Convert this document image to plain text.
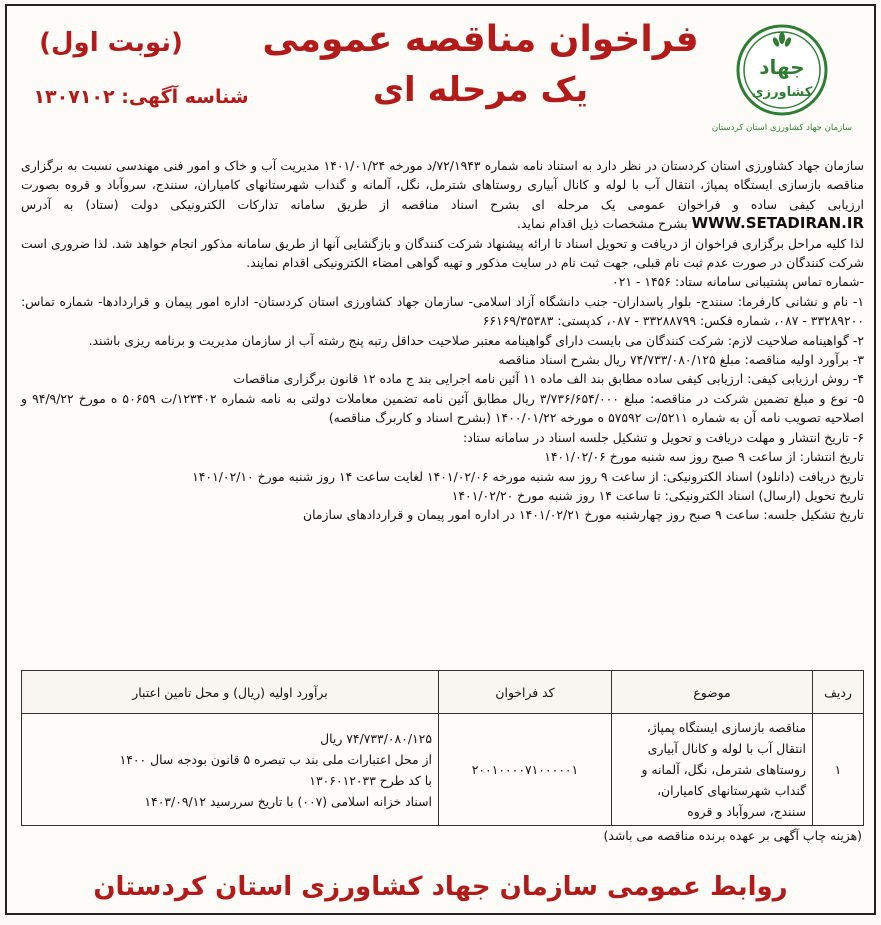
جهاد
کشاورزی
سازمان جهاد کشاورزی استان کردستان
فراخوان مناقصه عمومی
یک مرحله ای
(نوبت اول)
شناسه آگهی: ۱۳۰۷۱۰۲

سازمان جهاد کشاورزی استان کردستان در نظر دارد به استناد نامه شماره ۷۲/۱۹۴۳/د مورخه ۱۴۰۱/۰۱/۲۴ مدیریت آب و خاک و امور فنی مهندسی نسبت به برگزاری مناقصه بازسازی ایستگاه پمپاژ، انتقال آب با لوله و کانال آبیاری روستاهای شترمل، نگل، آلمانه و گنداب شهرستانهای کامیاران، سنندج، سروآباد و قروه بصورت ارزیابی کیفی ساده و فراخوان عمومی یک مرحله ای بشرح اسناد مناقصه از طریق سامانه تدارکات الکترونیکی دولت (ستاد) به آدرس WWW.SETADIRAN.IR بشرح مشخصات ذیل اقدام نماید.

لذا کلیه مراحل برگزاری فراخوان از دریافت و تحویل اسناد تا ارائه پیشنهاد شرکت کنندگان و بازگشایی آنها از طریق سامانه مذکور انجام خواهد شد. لذا ضروری است شرکت کنندگان در صورت عدم ثبت نام قبلی، جهت ثبت نام در سایت مذکور و تهیه گواهی امضاء الکترونیکی اقدام نمایند.

-شماره تماس پشتیبانی سامانه ستاد: ۱۴۵۶ - ۰۲۱

۱- نام و نشانی کارفرما: سنندج- بلوار پاسداران- جنب دانشگاه آزاد اسلامی- سازمان جهاد کشاورزی استان کردستان- اداره امور پیمان و قراردادها- شماره تماس: ۳۳۲۸۹۲۰۰ - ۰۸۷، شماره فکس: ۳۳۲۸۸۷۹۹ - ۰۸۷، کدپستی: ۶۶۱۶۹/۳۵۳۸۳

۲- گواهینامه صلاحیت لازم: شرکت کنندگان می بایست دارای گواهینامه معتبر صلاحیت حداقل رتبه پنج رشته آب از سازمان مدیریت و برنامه ریزی باشند.

۳- برآورد اولیه مناقصه: مبلغ ۷۴/۷۳۳/۰۸۰/۱۲۵ ریال بشرح اسناد مناقصه

۴- روش ارزیابی کیفی: ارزیابی کیفی ساده مطابق بند الف ماده ۱۱ آئین نامه اجرایی بند ج ماده ۱۲ قانون برگزاری مناقصات

۵- نوع و مبلغ تضمین شرکت در مناقصه: مبلغ ۳/۷۳۶/۶۵۴/۰۰۰ ریال مطابق آئین نامه تضمین معاملات دولتی به نامه شماره ۱۲۳۴۰۲/ت ۵۰۶۵۹ ه مورخ ۹۴/۹/۲۲ و اصلاحیه تصویب نامه آن به شماره ۵۲۱۱/ت ۵۷۵۹۲ ه مورخه ۱۴۰۰/۰۱/۲۲ (بشرح اسناد و کاربرگ مناقصه)

۶- تاریخ انتشار و مهلت دریافت و تحویل و تشکیل جلسه اسناد در سامانه ستاد:

تاریخ انتشار: از ساعت ۹ صبح روز سه شنبه مورخ ۱۴۰۱/۰۲/۰۶

تاریخ دریافت (دانلود) اسناد الکترونیکی: از ساعت ۹ روز سه شنبه مورخه ۱۴۰۱/۰۲/۰۶ لغایت ساعت ۱۴ روز شنبه مورخ ۱۴۰۱/۰۲/۱۰

تاریخ تحویل (ارسال) اسناد الکترونیکی: تا ساعت ۱۴ روز شنبه مورخ ۱۴۰۱/۰۲/۲۰

تاریخ تشکیل جلسه: ساعت ۹ صبح روز چهارشنبه مورخ ۱۴۰۱/۰۲/۲۱ در اداره امور پیمان و قراردادهای سازمان

ردیف	موضوع	کد فراخوان	برآورد اولیه (ریال) و محل تامین اعتبار
۱	مناقصه بازسازی ایستگاه پمپاژ، انتقال آب با لوله و کانال آبیاری روستاهای شترمل، نگل، آلمانه و گنداب شهرستانهای کامیاران، سنندج، سروآباد و قروه	۲۰۰۱۰۰۰۰۷۱۰۰۰۰۰۱	۷۴/۷۳۳/۰۸۰/۱۲۵ ریال
از محل اعتبارات ملی بند ب تبصره ۵ قانون بودجه سال ۱۴۰۰
با کد طرح ۱۳۰۶۰۱۲۰۳۳
اسناد خزانه اسلامی (۰۰۷) با تاریخ سررسید ۱۴۰۳/۰۹/۱۲
(هزینه چاپ آگهی بر عهده برنده مناقصه می باشد)
روابط عمومی سازمان جهاد کشاورزی استان کردستان
